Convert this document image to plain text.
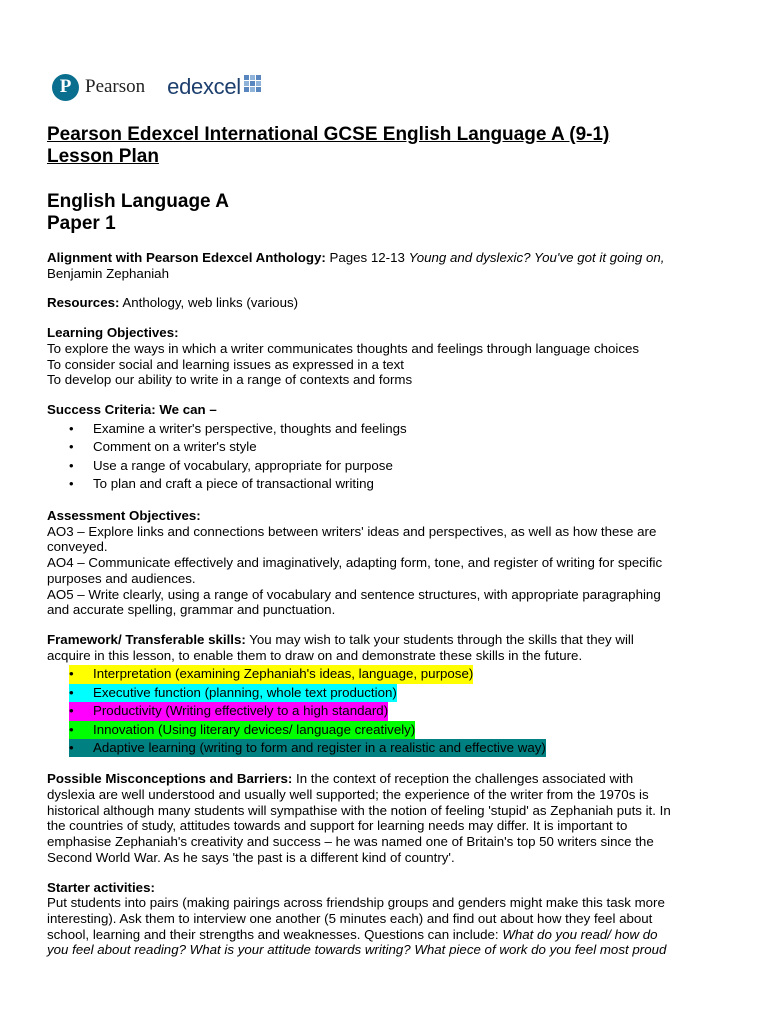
P Pearson edexcel
Pearson Edexcel International GCSE English Language A (9-1)
Lesson Plan
English Language A
Paper 1
Alignment with Pearson Edexcel Anthology: Pages 12-13 Young and dyslexic? You've got it going on, Benjamin Zephaniah
Resources: Anthology, web links (various)
Learning Objectives:
To explore the ways in which a writer communicates thoughts and feelings through language choices
To consider social and learning issues as expressed in a text
To develop our ability to write in a range of contexts and forms
Success Criteria: We can –
• Examine a writer's perspective, thoughts and feelings
• Comment on a writer's style
• Use a range of vocabulary, appropriate for purpose
• To plan and craft a piece of transactional writing
Assessment Objectives:
AO3 – Explore links and connections between writers' ideas and perspectives, as well as how these are
conveyed.
AO4 – Communicate effectively and imaginatively, adapting form, tone, and register of writing for specific
purposes and audiences.
AO5 – Write clearly, using a range of vocabulary and sentence structures, with appropriate paragraphing
and accurate spelling, grammar and punctuation.
Framework/ Transferable skills: You may wish to talk your students through the skills that they will
acquire in this lesson, to enable them to draw on and demonstrate these skills in the future.
• Interpretation (examining Zephaniah's ideas, language, purpose)
• Executive function (planning, whole text production)
• Productivity (Writing effectively to a high standard)
• Innovation (Using literary devices/ language creatively)
• Adaptive learning (writing to form and register in a realistic and effective way)
Possible Misconceptions and Barriers: In the context of reception the challenges associated with
dyslexia are well understood and usually well supported; the experience of the writer from the 1970s is
historical although many students will sympathise with the notion of feeling 'stupid' as Zephaniah puts it. In
the countries of study, attitudes towards and support for learning needs may differ. It is important to
emphasise Zephaniah's creativity and success – he was named one of Britain's top 50 writers since the
Second World War. As he says 'the past is a different kind of country'.
Starter activities:
Put students into pairs (making pairings across friendship groups and genders might make this task more
interesting). Ask them to interview one another (5 minutes each) and find out about how they feel about
school, learning and their strengths and weaknesses. Questions can include: What do you read/ how do
you feel about reading? What is your attitude towards writing? What piece of work do you feel most proud
